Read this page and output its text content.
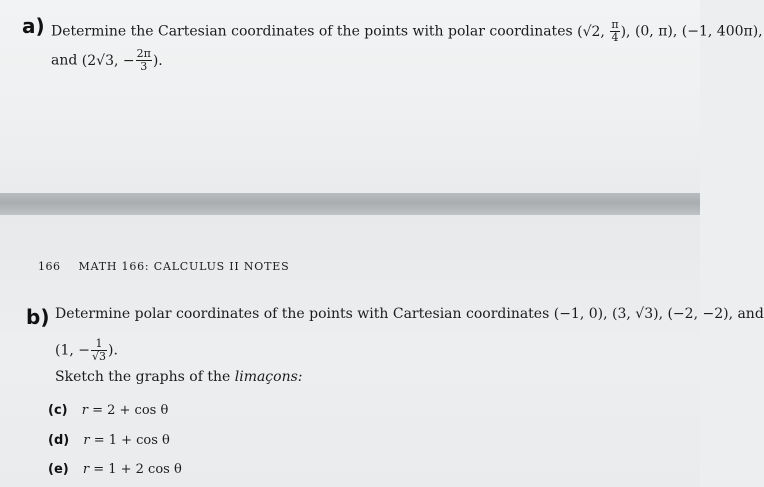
a) Determine the Cartesian coordinates of the points with polar coordinates (√2, $\frac{\pi}{4}$ ), (0, π), (−1, 400π),
and (2√3, − $\frac{2\pi}{3}$ ).
166 MATH 166: CALCULUS II NOTES
b) Determine polar coordinates of the points with Cartesian coordinates (−1, 0), (3, √3), (−2, −2), and
(1, − $\frac{1}{√3}$ ).
Sketch the graphs of the limaçons:
(c) r = 2 + cos θ
(d) r = 1 + cos θ
(e) r = 1 + 2 cos θ
